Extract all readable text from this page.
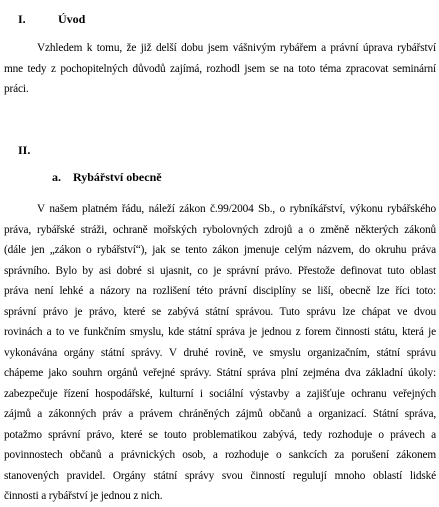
I.	Úvod
Vzhledem k tomu, že již delší dobu jsem vášnivým rybářem a právní úprava rybářství
mne tedy z pochopitelných důvodů zajímá, rozhodl jsem se na toto téma zpracovat seminární
práci.
II.
a. Rybářství obecně
V našem platném řádu, náleží zákon č.99/2004 Sb., o rybníkářství, výkonu rybářského
práva, rybářské stráži, ochraně mořských rybolovných zdrojů a o změně některých zákonů
(dále jen „zákon o rybářství“), jak se tento zákon jmenuje celým názvem, do okruhu práva
správního. Bylo by asi dobré si ujasnit, co je správní právo. Přestože definovat tuto oblast
práva není lehké a názory na rozlišení této právní disciplíny se liší, obecně lze říci toto:
správní právo je právo, které se zabývá státní správou. Tuto správu lze chápat ve dvou
rovinách a to ve funkčním smyslu, kde státní správa je jednou z forem činnosti státu, která je
vykonávána orgány státní správy. V druhé rovině, ve smyslu organizačním, státní správu
chápeme jako souhrn orgánů veřejné správy. Státní správa plní zejména dva základní úkoly:
zabezpečuje řízení hospodářské, kulturní i sociální výstavby a zajišťuje ochranu veřejných
zájmů a zákonných práv a právem chráněných zájmů občanů a organizací. Státní správa,
potažmo správní právo, které se touto problematikou zabývá, tedy rozhoduje o právech a
povinnostech občanů a právnických osob, a rozhoduje o sankcích za porušení zákonem
stanovených pravidel. Orgány státní správy svou činností regulují mnoho oblastí lidské
činnosti a rybářství je jednou z nich.
